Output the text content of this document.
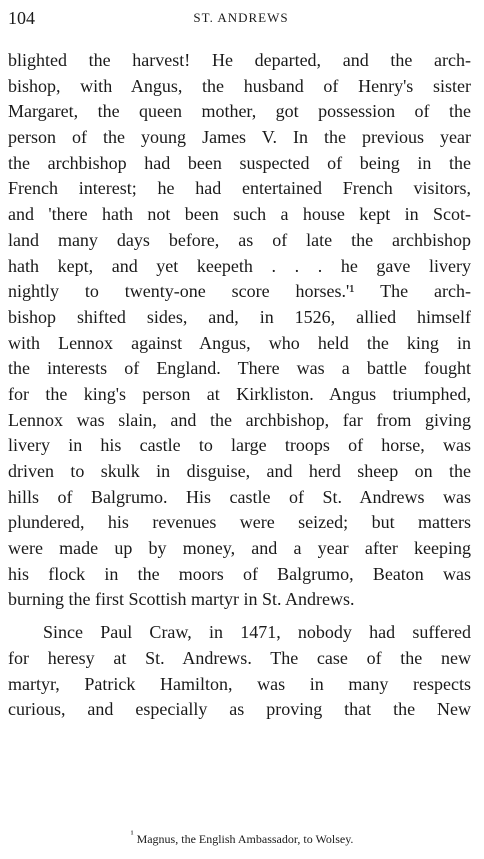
104	ST. ANDREWS
blighted the harvest! He departed, and the arch-
bishop, with Angus, the husband of Henry's sister
Margaret, the queen mother, got possession of the
person of the young James V. In the previous year
the archbishop had been suspected of being in the
French interest; he had entertained French visitors,
and 'there hath not been such a house kept in Scot-
land many days before, as of late the archbishop
hath kept, and yet keepeth . . . he gave livery
nightly to twenty-one score horses.'¹ The arch-
bishop shifted sides, and, in 1526, allied himself
with Lennox against Angus, who held the king in
the interests of England. There was a battle fought
for the king's person at Kirkliston. Angus triumphed,
Lennox was slain, and the archbishop, far from giving
livery in his castle to large troops of horse, was
driven to skulk in disguise, and herd sheep on the
hills of Balgrumo. His castle of St. Andrews was
plundered, his revenues were seized; but matters
were made up by money, and a year after keeping
his flock in the moors of Balgrumo, Beaton was
burning the first Scottish martyr in St. Andrews.
Since Paul Craw, in 1471, nobody had suffered
for heresy at St. Andrews. The case of the new
martyr, Patrick Hamilton, was in many respects
curious, and especially as proving that the New
$^{^1}$ Magnus, the English Ambassador, to Wolsey.
